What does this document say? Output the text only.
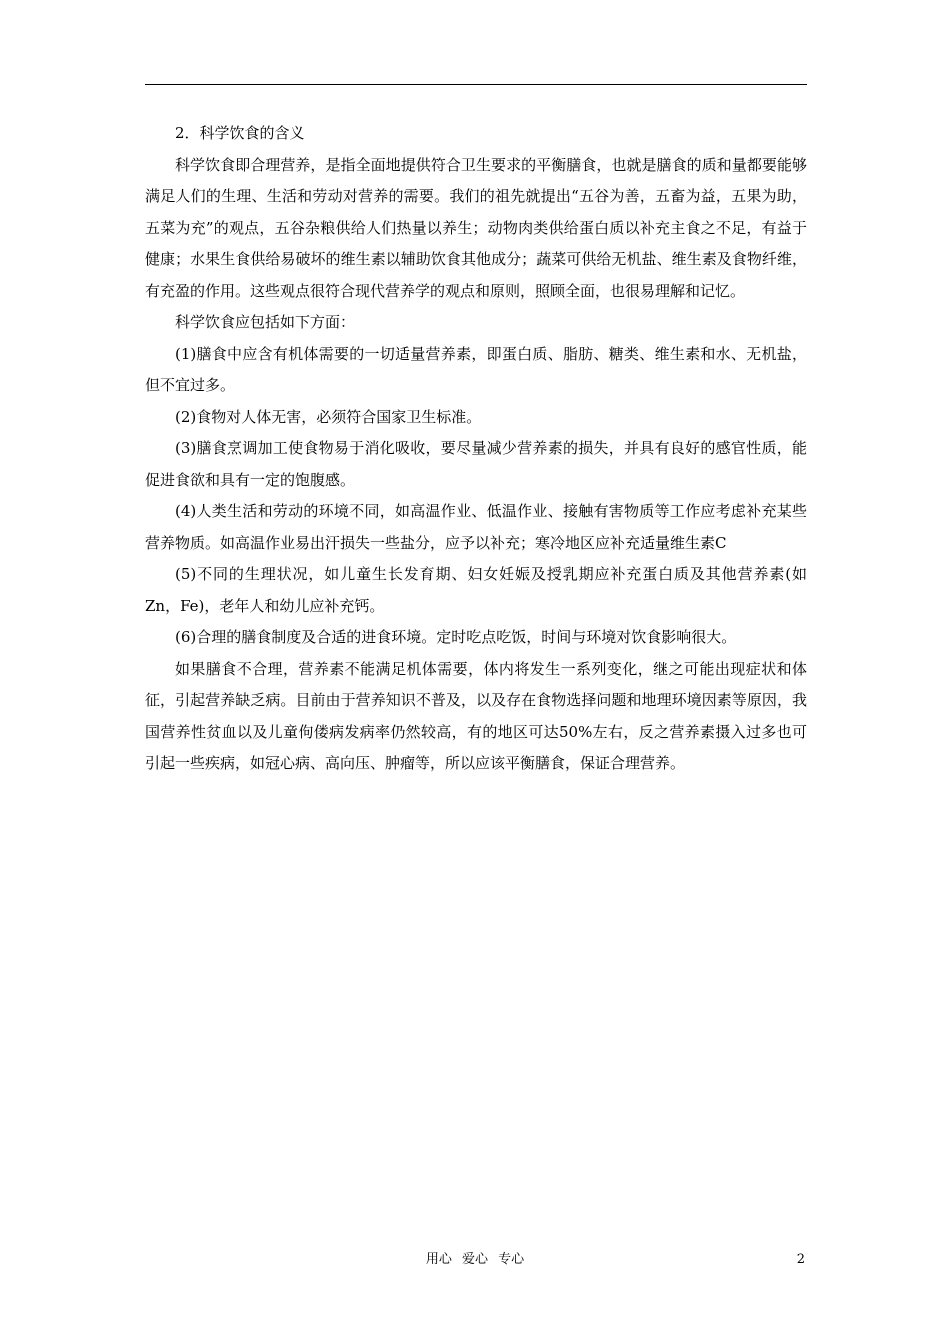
2．科学饮食的含义

科学饮食即合理营养，是指全面地提供符合卫生要求的平衡膳食，也就是膳食的质和量都要能够满足人们的生理、生活和劳动对营养的需要。我们的祖先就提出“五谷为善，五畜为益，五果为助，五菜为充”的观点，五谷杂粮供给人们热量以养生；动物肉类供给蛋白质以补充主食之不足，有益于健康；水果生食供给易破坏的维生素以辅助饮食其他成分；蔬菜可供给无机盐、维生素及食物纤维，有充盈的作用。这些观点很符合现代营养学的观点和原则，照顾全面，也很易理解和记忆。

科学饮食应包括如下方面：

(1)膳食中应含有机体需要的一切适量营养素，即蛋白质、脂肪、糖类、维生素和水、无机盐，但不宜过多。

(2)食物对人体无害，必须符合国家卫生标准。

(3)膳食烹调加工使食物易于消化吸收，要尽量减少营养素的损失，并具有良好的感官性质，能促进食欲和具有一定的饱腹感。

(4)人类生活和劳动的环境不同，如高温作业、低温作业、接触有害物质等工作应考虑补充某些营养物质。如高温作业易出汗损失一些盐分，应予以补充；寒冷地区应补充适量维生素C

(5)不同的生理状况，如儿童生长发育期、妇女妊娠及授乳期应补充蛋白质及其他营养素(如Zn，Fe)，老年人和幼儿应补充钙。

(6)合理的膳食制度及合适的进食环境。定时吃点吃饭，时间与环境对饮食影响很大。

如果膳食不合理，营养素不能满足机体需要，体内将发生一系列变化，继之可能出现症状和体征，引起营养缺乏病。目前由于营养知识不普及，以及存在食物选择问题和地理环境因素等原因，我国营养性贫血以及儿童佝偻病发病率仍然较高，有的地区可达50%左右，反之营养素摄入过多也可引起一些疾病，如冠心病、高向压、肿瘤等，所以应该平衡膳食，保证合理营养。

用心 爱心 专心	2
